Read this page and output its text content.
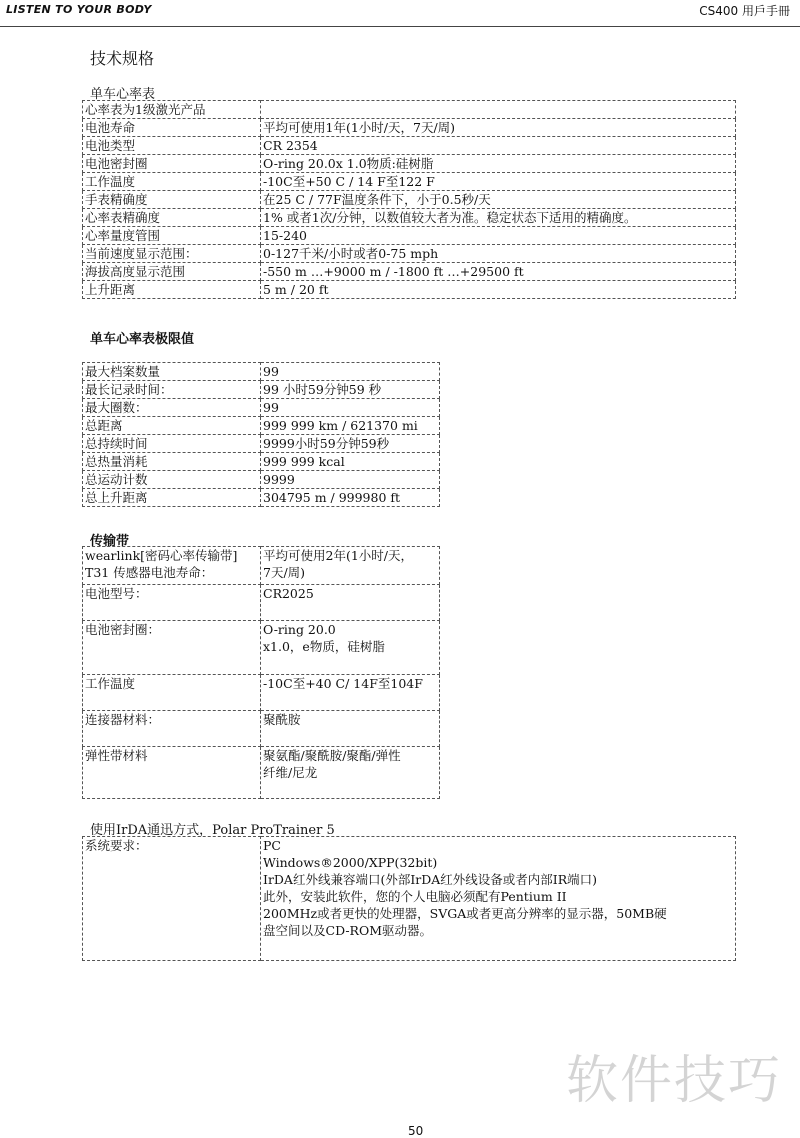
LISTEN TO YOUR BODY	CS400 用戶手冊
技术规格
单车心率表
心率表为1级激光产品	
电池寿命	平均可使用1年(1小时/天，7天/周)
电池类型	CR 2354
电池密封圈	O-ring 20.0x 1.0物质:硅树脂
工作温度	-10C至+50 C / 14 F至122 F
手表精确度	在25 C / 77F温度条件下，小于0.5秒/天
心率表精确度	1% 或者1次/分钟，以数值较大者为准。稳定状态下适用的精确度。
心率量度管围	15-240
当前速度显示范围：	0-127千米/小时或者0-75 mph
海拔高度显示范围	-550 m …+9000 m / -1800 ft …+29500 ft
上升距离	5 m / 20 ft
单车心率表极限值
最大档案数量	99
最长记录时间：	99 小时59分钟59 秒
最大圈数：	99
总距离	999 999 km / 621370 mi
总持续时间	9999小时59分钟59秒
总热量消耗	999 999 kcal
总运动计数	9999
总上升距离	304795 m / 999980 ft
传输带
wearlink[密码心率传输带]
T31 传感器电池寿命：	平均可使用2年(1小时/天，
7天/周)
电池型号：	CR2025
电池密封圈：	O-ring 20.0
x1.0，e物质，硅树脂
工作温度	-10C至+40 C/ 14F至104F
连接器材料：	聚酰胺
弹性带材料	聚氨酯/聚酰胺/聚酯/弹性
纤维/尼龙
使用IrDA通迅方式，Polar ProTrainer 5
系统要求：	PC
Windows®2000/XPP(32bit)
IrDA红外线兼容端口(外部IrDA红外线设备或者内部IR端口)
此外，安装此软件，您的个人电脑必须配有Pentium II
200MHz或者更快的处理器，SVGA或者更高分辨率的显示器，50MB硬
盘空间以及CD-ROM驱动器。
软件技巧
50
